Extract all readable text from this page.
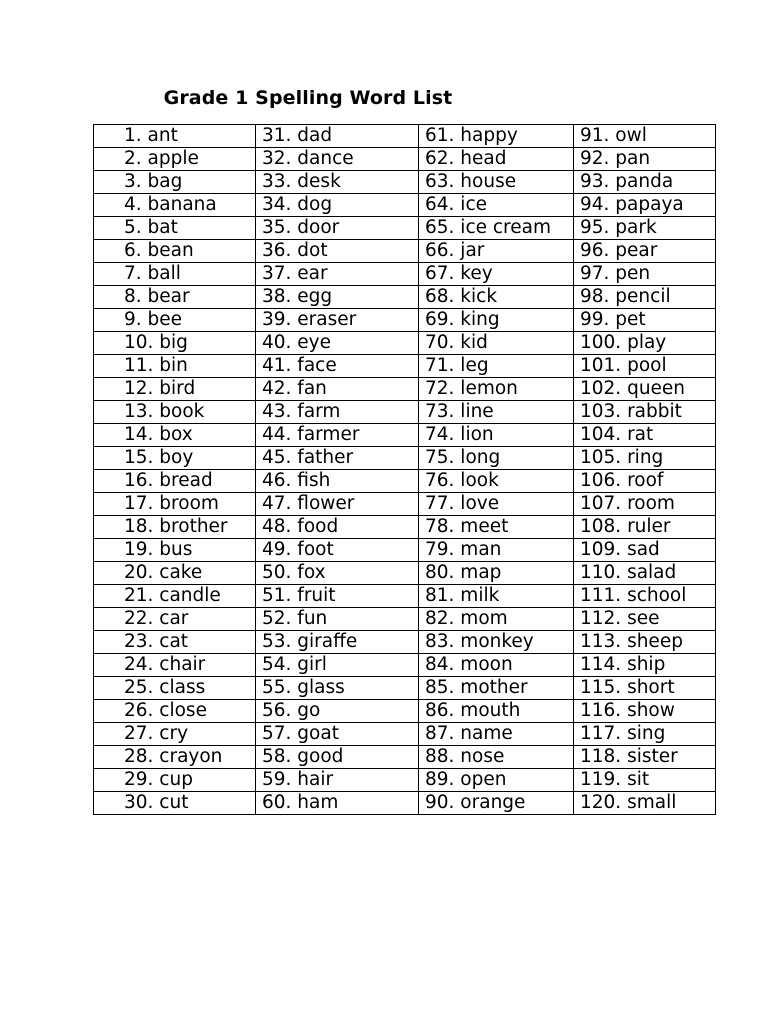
Grade 1 Spelling Word List
1. ant	31. dad	61. happy	91. owl
2. apple	32. dance	62. head	92. pan
3. bag	33. desk	63. house	93. panda
4. banana	34. dog	64. ice	94. papaya
5. bat	35. door	65. ice cream	95. park
6. bean	36. dot	66. jar	96. pear
7. ball	37. ear	67. key	97. pen
8. bear	38. egg	68. kick	98. pencil
9. bee	39. eraser	69. king	99. pet
10. big	40. eye	70. kid	100. play
11. bin	41. face	71. leg	101. pool
12. bird	42. fan	72. lemon	102. queen
13. book	43. farm	73. line	103. rabbit
14. box	44. farmer	74. lion	104. rat
15. boy	45. father	75. long	105. ring
16. bread	46. fish	76. look	106. roof
17. broom	47. flower	77. love	107. room
18. brother	48. food	78. meet	108. ruler
19. bus	49. foot	79. man	109. sad
20. cake	50. fox	80. map	110. salad
21. candle	51. fruit	81. milk	111. school
22. car	52. fun	82. mom	112. see
23. cat	53. giraffe	83. monkey	113. sheep
24. chair	54. girl	84. moon	114. ship
25. class	55. glass	85. mother	115. short
26. close	56. go	86. mouth	116. show
27. cry	57. goat	87. name	117. sing
28. crayon	58. good	88. nose	118. sister
29. cup	59. hair	89. open	119. sit
30. cut	60. ham	90. orange	120. small
